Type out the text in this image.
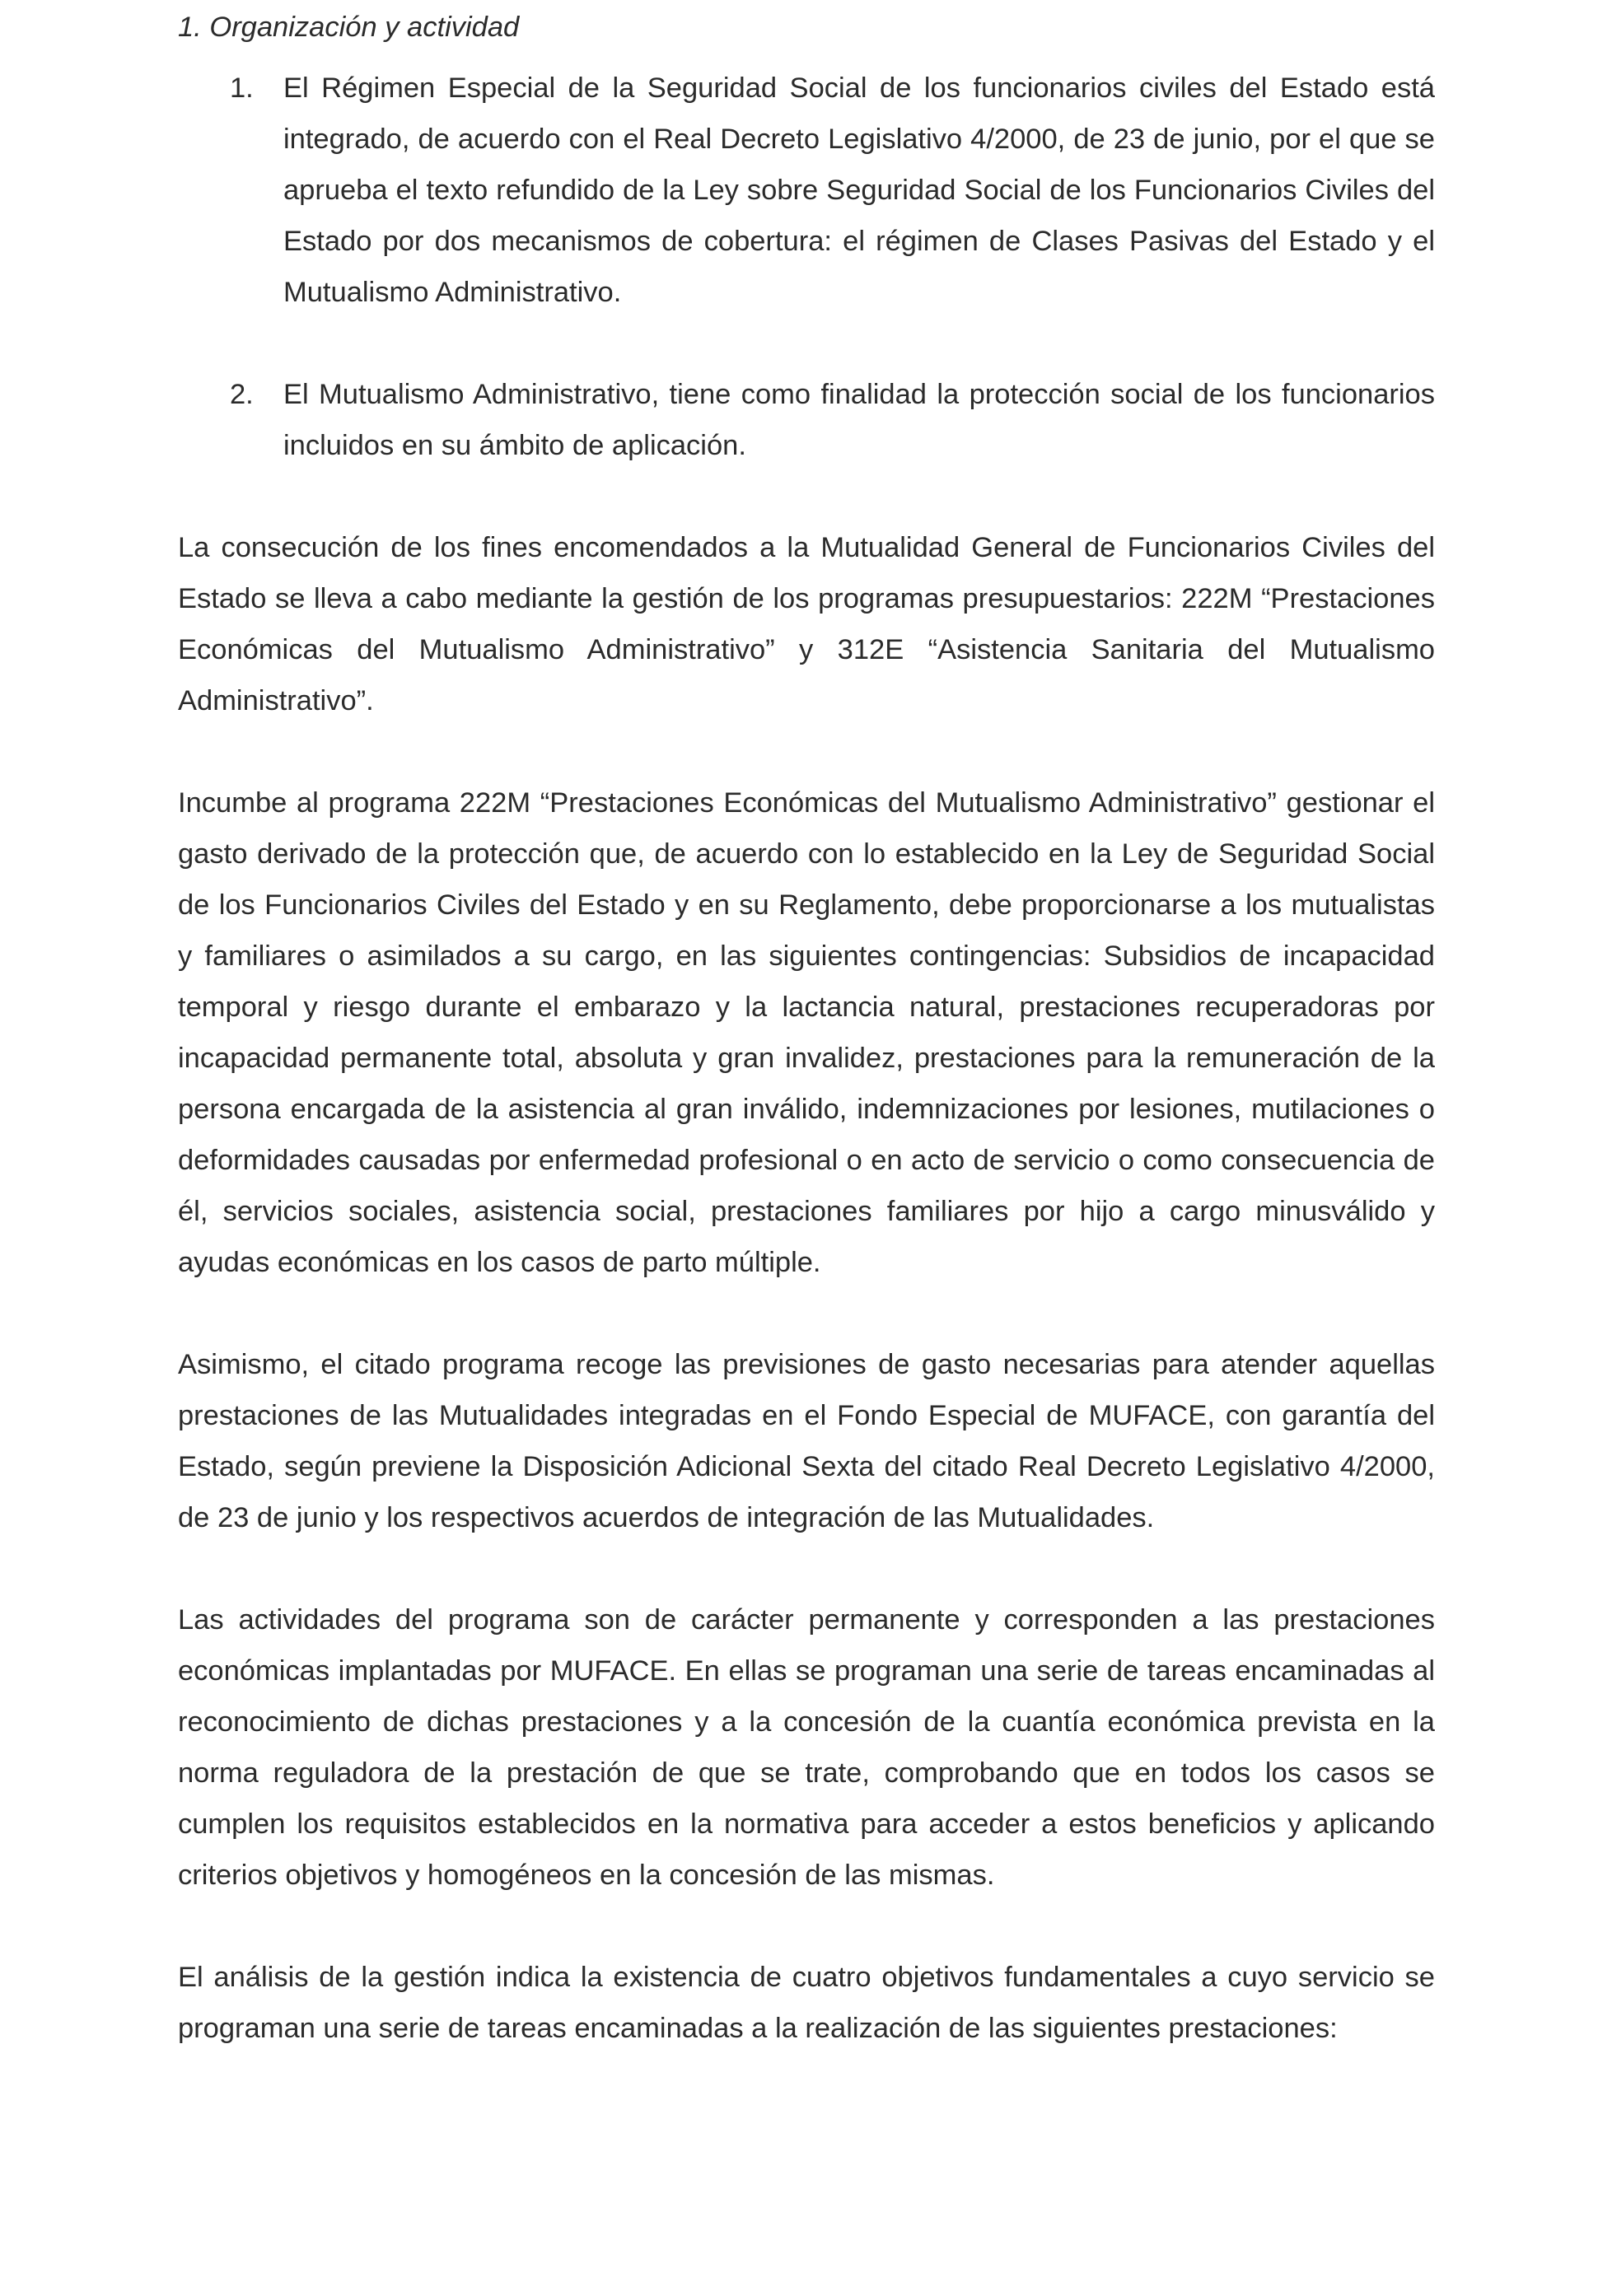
1. Organización y actividad
1. El Régimen Especial de la Seguridad Social de los funcionarios civiles del Estado está integrado, de acuerdo con el Real Decreto Legislativo 4/2000, de 23 de junio, por el que se aprueba el texto refundido de la Ley sobre Seguridad Social de los Funcionarios Civiles del Estado por dos mecanismos de cobertura: el régimen de Clases Pasivas del Estado y el Mutualismo Administrativo.
2. El Mutualismo Administrativo, tiene como finalidad la protección social de los funcionarios incluidos en su ámbito de aplicación.

La consecución de los fines encomendados a la Mutualidad General de Funcionarios Civiles del Estado se lleva a cabo mediante la gestión de los programas presupuestarios: 222M “Prestaciones Económicas del Mutualismo Administrativo” y 312E “Asistencia Sanitaria del Mutualismo Administrativo”.

Incumbe al programa 222M “Prestaciones Económicas del Mutualismo Administrativo” gestionar el gasto derivado de la protección que, de acuerdo con lo establecido en la Ley de Seguridad Social de los Funcionarios Civiles del Estado y en su Reglamento, debe proporcionarse a los mutualistas y familiares o asimilados a su cargo, en las siguientes contingencias: Subsidios de incapacidad temporal y riesgo durante el embarazo y la lactancia natural, prestaciones recuperadoras por incapacidad permanente total, absoluta y gran invalidez, prestaciones para la remuneración de la persona encargada de la asistencia al gran inválido, indemnizaciones por lesiones, mutilaciones o deformidades causadas por enfermedad profesional o en acto de servicio o como consecuencia de él, servicios sociales, asistencia social, prestaciones familiares por hijo a cargo minusválido y ayudas económicas en los casos de parto múltiple.

Asimismo, el citado programa recoge las previsiones de gasto necesarias para atender aquellas prestaciones de las Mutualidades integradas en el Fondo Especial de MUFACE, con garantía del Estado, según previene la Disposición Adicional Sexta del citado Real Decreto Legislativo 4/2000, de 23 de junio y los respectivos acuerdos de integración de las Mutualidades.

Las actividades del programa son de carácter permanente y corresponden a las prestaciones económicas implantadas por MUFACE. En ellas se programan una serie de tareas encaminadas al reconocimiento de dichas prestaciones y a la concesión de la cuantía económica prevista en la norma reguladora de la prestación de que se trate, comprobando que en todos los casos se cumplen los requisitos establecidos en la normativa para acceder a estos beneficios y aplicando criterios objetivos y homogéneos en la concesión de las mismas.

El análisis de la gestión indica la existencia de cuatro objetivos fundamentales a cuyo servicio se programan una serie de tareas encaminadas a la realización de las siguientes prestaciones:
